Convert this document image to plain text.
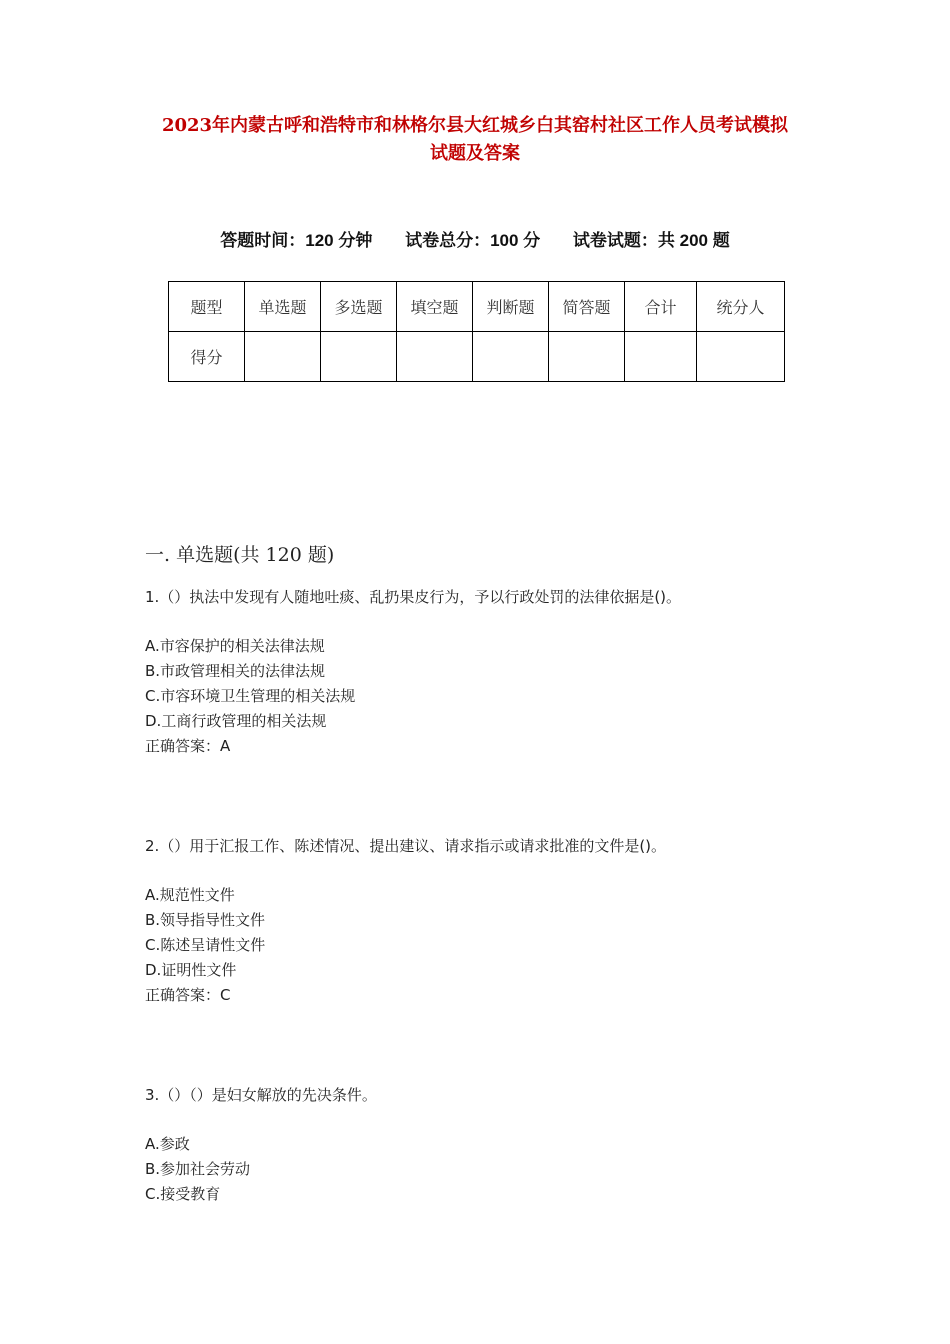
2023年内蒙古呼和浩特市和林格尔县大红城乡白其窑村社区工作人员考试模拟
试题及答案
答题时间：120 分钟 试卷总分：100 分 试卷试题：共 200 题
题型	单选题	多选题	填空题	判断题	简答题	合计	统分人
得分							
一. 单选题(共 120 题)
1.（）执法中发现有人随地吐痰、乱扔果皮行为，予以行政处罚的法律依据是()。
A.市容保护的相关法律法规
B.市政管理相关的法律法规
C.市容环境卫生管理的相关法规
D.工商行政管理的相关法规
正确答案：A
2.（）用于汇报工作、陈述情况、提出建议、请求指示或请求批准的文件是()。
A.规范性文件
B.领导指导性文件
C.陈述呈请性文件
D.证明性文件
正确答案：C
3.（）（）是妇女解放的先决条件。
A.参政
B.参加社会劳动
C.接受教育
